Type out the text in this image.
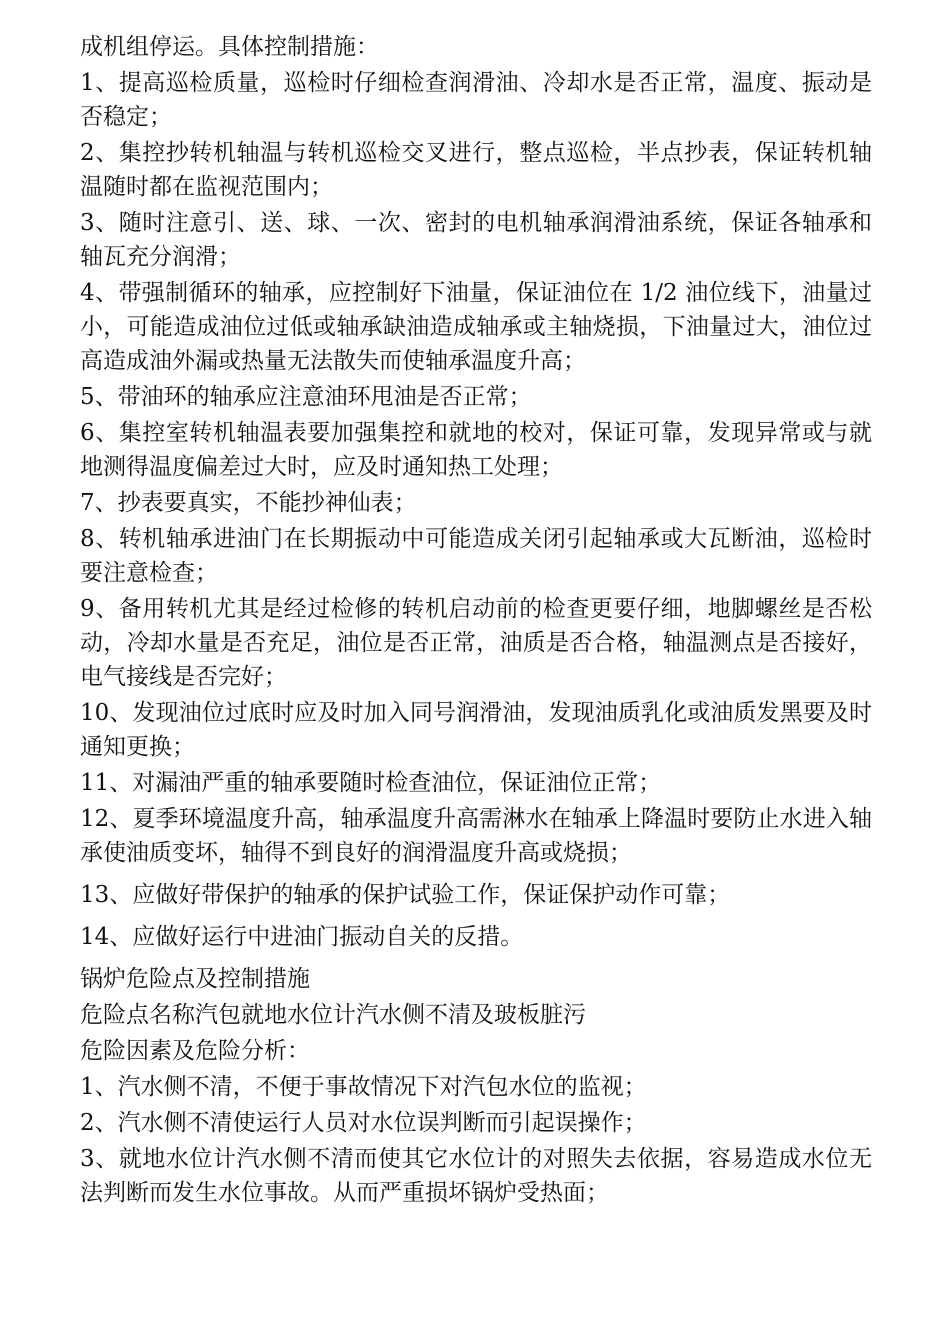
成机组停运。具体控制措施：

1、提高巡检质量，巡检时仔细检查润滑油、冷却水是否正常，温度、振动是否稳定；

2、集控抄转机轴温与转机巡检交叉进行，整点巡检，半点抄表，保证转机轴温随时都在监视范围内；

3、随时注意引、送、球、一次、密封的电机轴承润滑油系统，保证各轴承和轴瓦充分润滑；

4、带强制循环的轴承，应控制好下油量，保证油位在 1/2 油位线下，油量过小，可能造成油位过低或轴承缺油造成轴承或主轴烧损，下油量过大，油位过高造成油外漏或热量无法散失而使轴承温度升高；

5、带油环的轴承应注意油环甩油是否正常；

6、集控室转机轴温表要加强集控和就地的校对，保证可靠，发现异常或与就地测得温度偏差过大时，应及时通知热工处理；

7、抄表要真实，不能抄神仙表；

8、转机轴承进油门在长期振动中可能造成关闭引起轴承或大瓦断油，巡检时要注意检查；

9、备用转机尤其是经过检修的转机启动前的检查更要仔细，地脚螺丝是否松动，冷却水量是否充足，油位是否正常，油质是否合格，轴温测点是否接好，电气接线是否完好；

10、发现油位过底时应及时加入同号润滑油，发现油质乳化或油质发黑要及时通知更换；

11、对漏油严重的轴承要随时检查油位，保证油位正常；

12、夏季环境温度升高，轴承温度升高需淋水在轴承上降温时要防止水进入轴承使油质变坏，轴得不到良好的润滑温度升高或烧损；

13、应做好带保护的轴承的保护试验工作，保证保护动作可靠；

14、应做好运行中进油门振动自关的反措。

锅炉危险点及控制措施

危险点名称汽包就地水位计汽水侧不清及玻板脏污

危险因素及危险分析：

1、汽水侧不清，不便于事故情况下对汽包水位的监视；

2、汽水侧不清使运行人员对水位误判断而引起误操作；

3、就地水位计汽水侧不清而使其它水位计的对照失去依据，容易造成水位无法判断而发生水位事故。从而严重损坏锅炉受热面；
